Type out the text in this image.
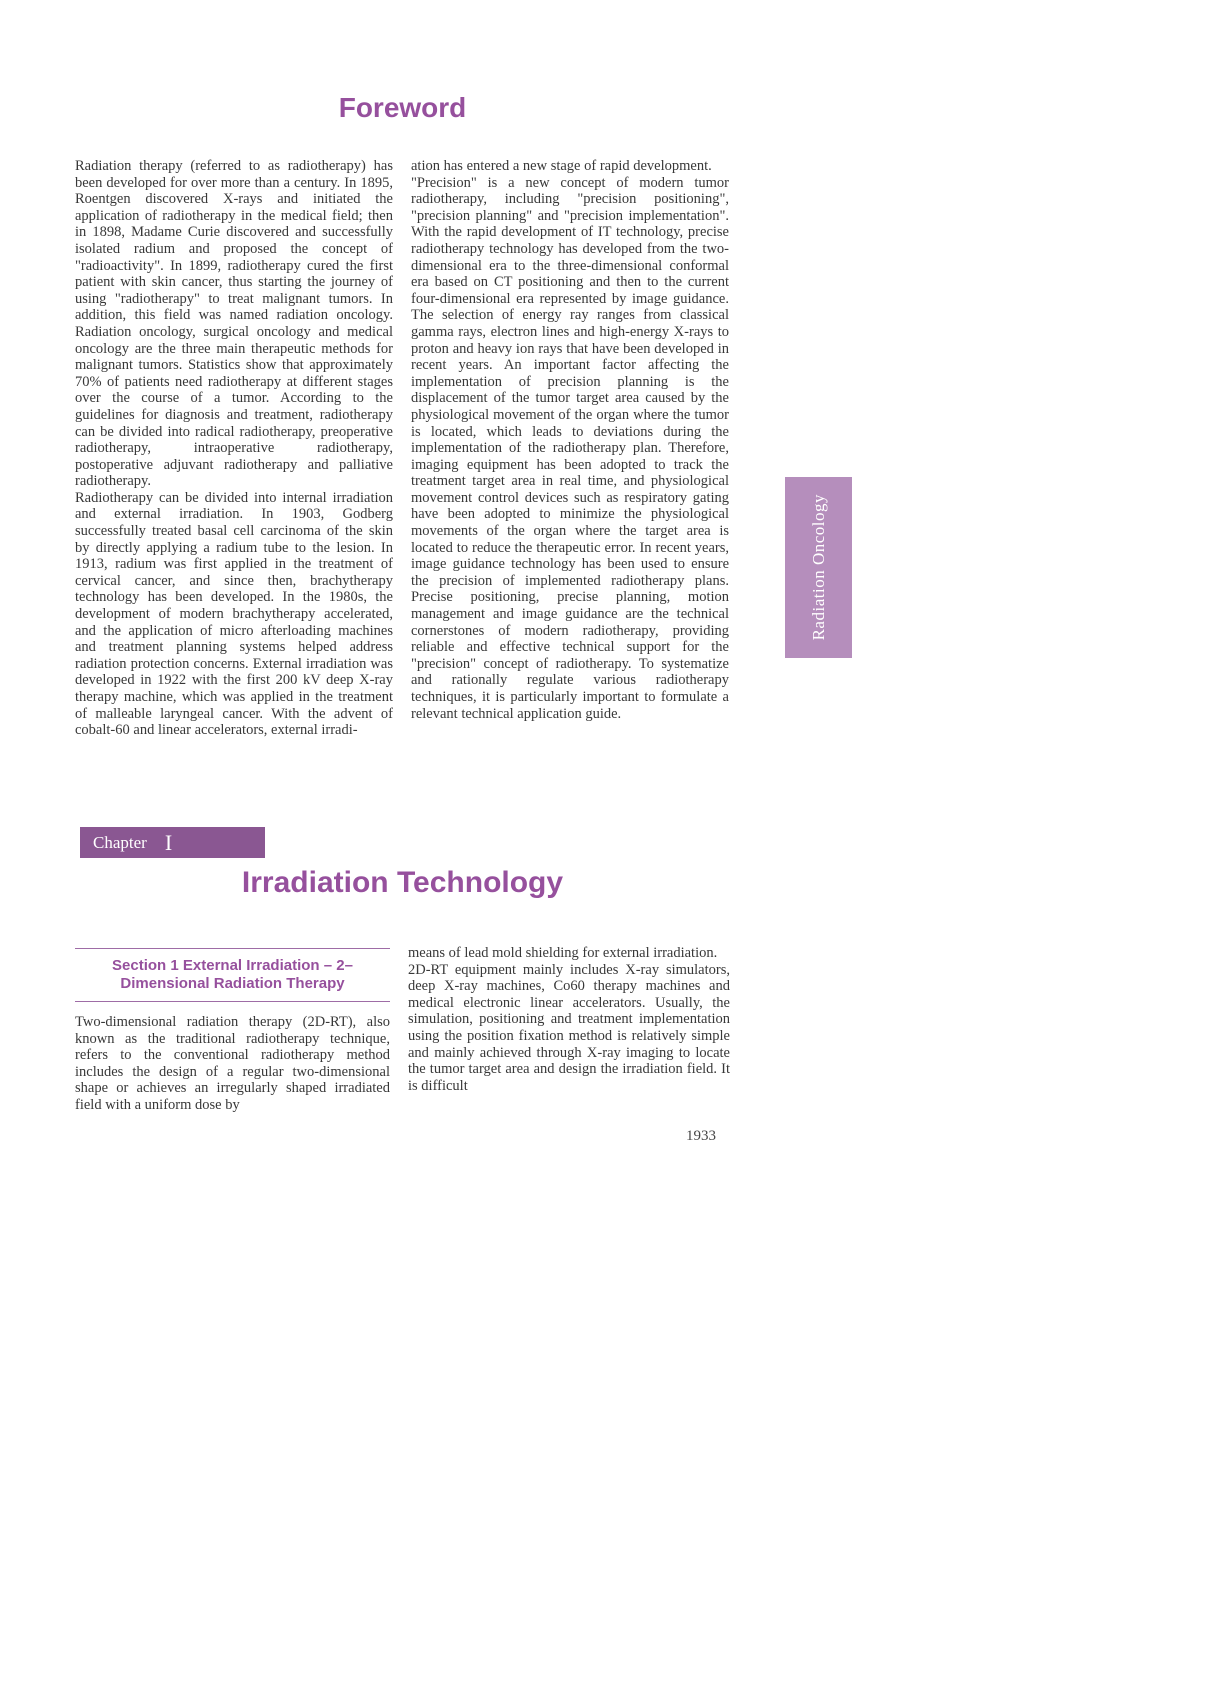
Foreword

Radiation therapy (referred to as radiotherapy) has been developed for over more than a century. In 1895, Roentgen discovered X-rays and initiated the application of radiotherapy in the medical field; then in 1898, Madame Curie discovered and successfully isolated radium and proposed the concept of "radioactivity". In 1899, radiotherapy cured the first patient with skin cancer, thus starting the journey of using "radiotherapy" to treat malignant tumors. In addition, this field was named radiation oncology. Radiation oncology, surgical oncology and medical oncology are the three main therapeutic methods for malignant tumors. Statistics show that approximately 70% of patients need radiotherapy at different stages over the course of a tumor. According to the guidelines for diagnosis and treatment, radiotherapy can be divided into radical radiotherapy, preoperative radiotherapy, intraoperative radiotherapy, postoperative adjuvant radiotherapy and palliative radiotherapy.

Radiotherapy can be divided into internal irradiation and external irradiation. In 1903, Godberg successfully treated basal cell carcinoma of the skin by directly applying a radium tube to the lesion. In 1913, radium was first applied in the treatment of cervical cancer, and since then, brachytherapy technology has been developed. In the 1980s, the development of modern brachytherapy accelerated, and the application of micro afterloading machines and treatment planning systems helped address radiation protection concerns. External irradiation was developed in 1922 with the first 200 kV deep X-ray therapy machine, which was applied in the treatment of malleable laryngeal cancer. With the advent of cobalt-60 and linear accelerators, external irradi-

ation has entered a new stage of rapid development.

"Precision" is a new concept of modern tumor radiotherapy, including "precision positioning", "precision planning" and "precision implementation". With the rapid development of IT technology, precise radiotherapy technology has developed from the two-dimensional era to the three-dimensional conformal era based on CT positioning and then to the current four-dimensional era represented by image guidance. The selection of energy ray ranges from classical gamma rays, electron lines and high-energy X-rays to proton and heavy ion rays that have been developed in recent years. An important factor affecting the implementation of precision planning is the displacement of the tumor target area caused by the physiological movement of the organ where the tumor is located, which leads to deviations during the implementation of the radiotherapy plan. Therefore, imaging equipment has been adopted to track the treatment target area in real time, and physiological movement control devices such as respiratory gating have been adopted to minimize the physiological movements of the organ where the target area is located to reduce the therapeutic error. In recent years, image guidance technology has been used to ensure the precision of implemented radiotherapy plans. Precise positioning, precise planning, motion management and image guidance are the technical cornerstones of modern radiotherapy, providing reliable and effective technical support for the "precision" concept of radiotherapy. To systematize and rationally regulate various radiotherapy techniques, it is particularly important to formulate a relevant technical application guide.

Radiation Oncology
Chapter I
Irradiation Technology
Section 1 External Irradiation – 2–
Dimensional Radiation Therapy

Two-dimensional radiation therapy (2D-RT), also known as the traditional radiotherapy technique, refers to the conventional radiotherapy method includes the design of a regular two-dimensional shape or achieves an irregularly shaped irradiated field with a uniform dose by

means of lead mold shielding for external irradiation.

2D-RT equipment mainly includes X-ray simulators, deep X-ray machines, Co60 therapy machines and medical electronic linear accelerators. Usually, the simulation, positioning and treatment implementation using the position fixation method is relatively simple and mainly achieved through X-ray imaging to locate the tumor target area and design the irradiation field. It is difficult

1933
